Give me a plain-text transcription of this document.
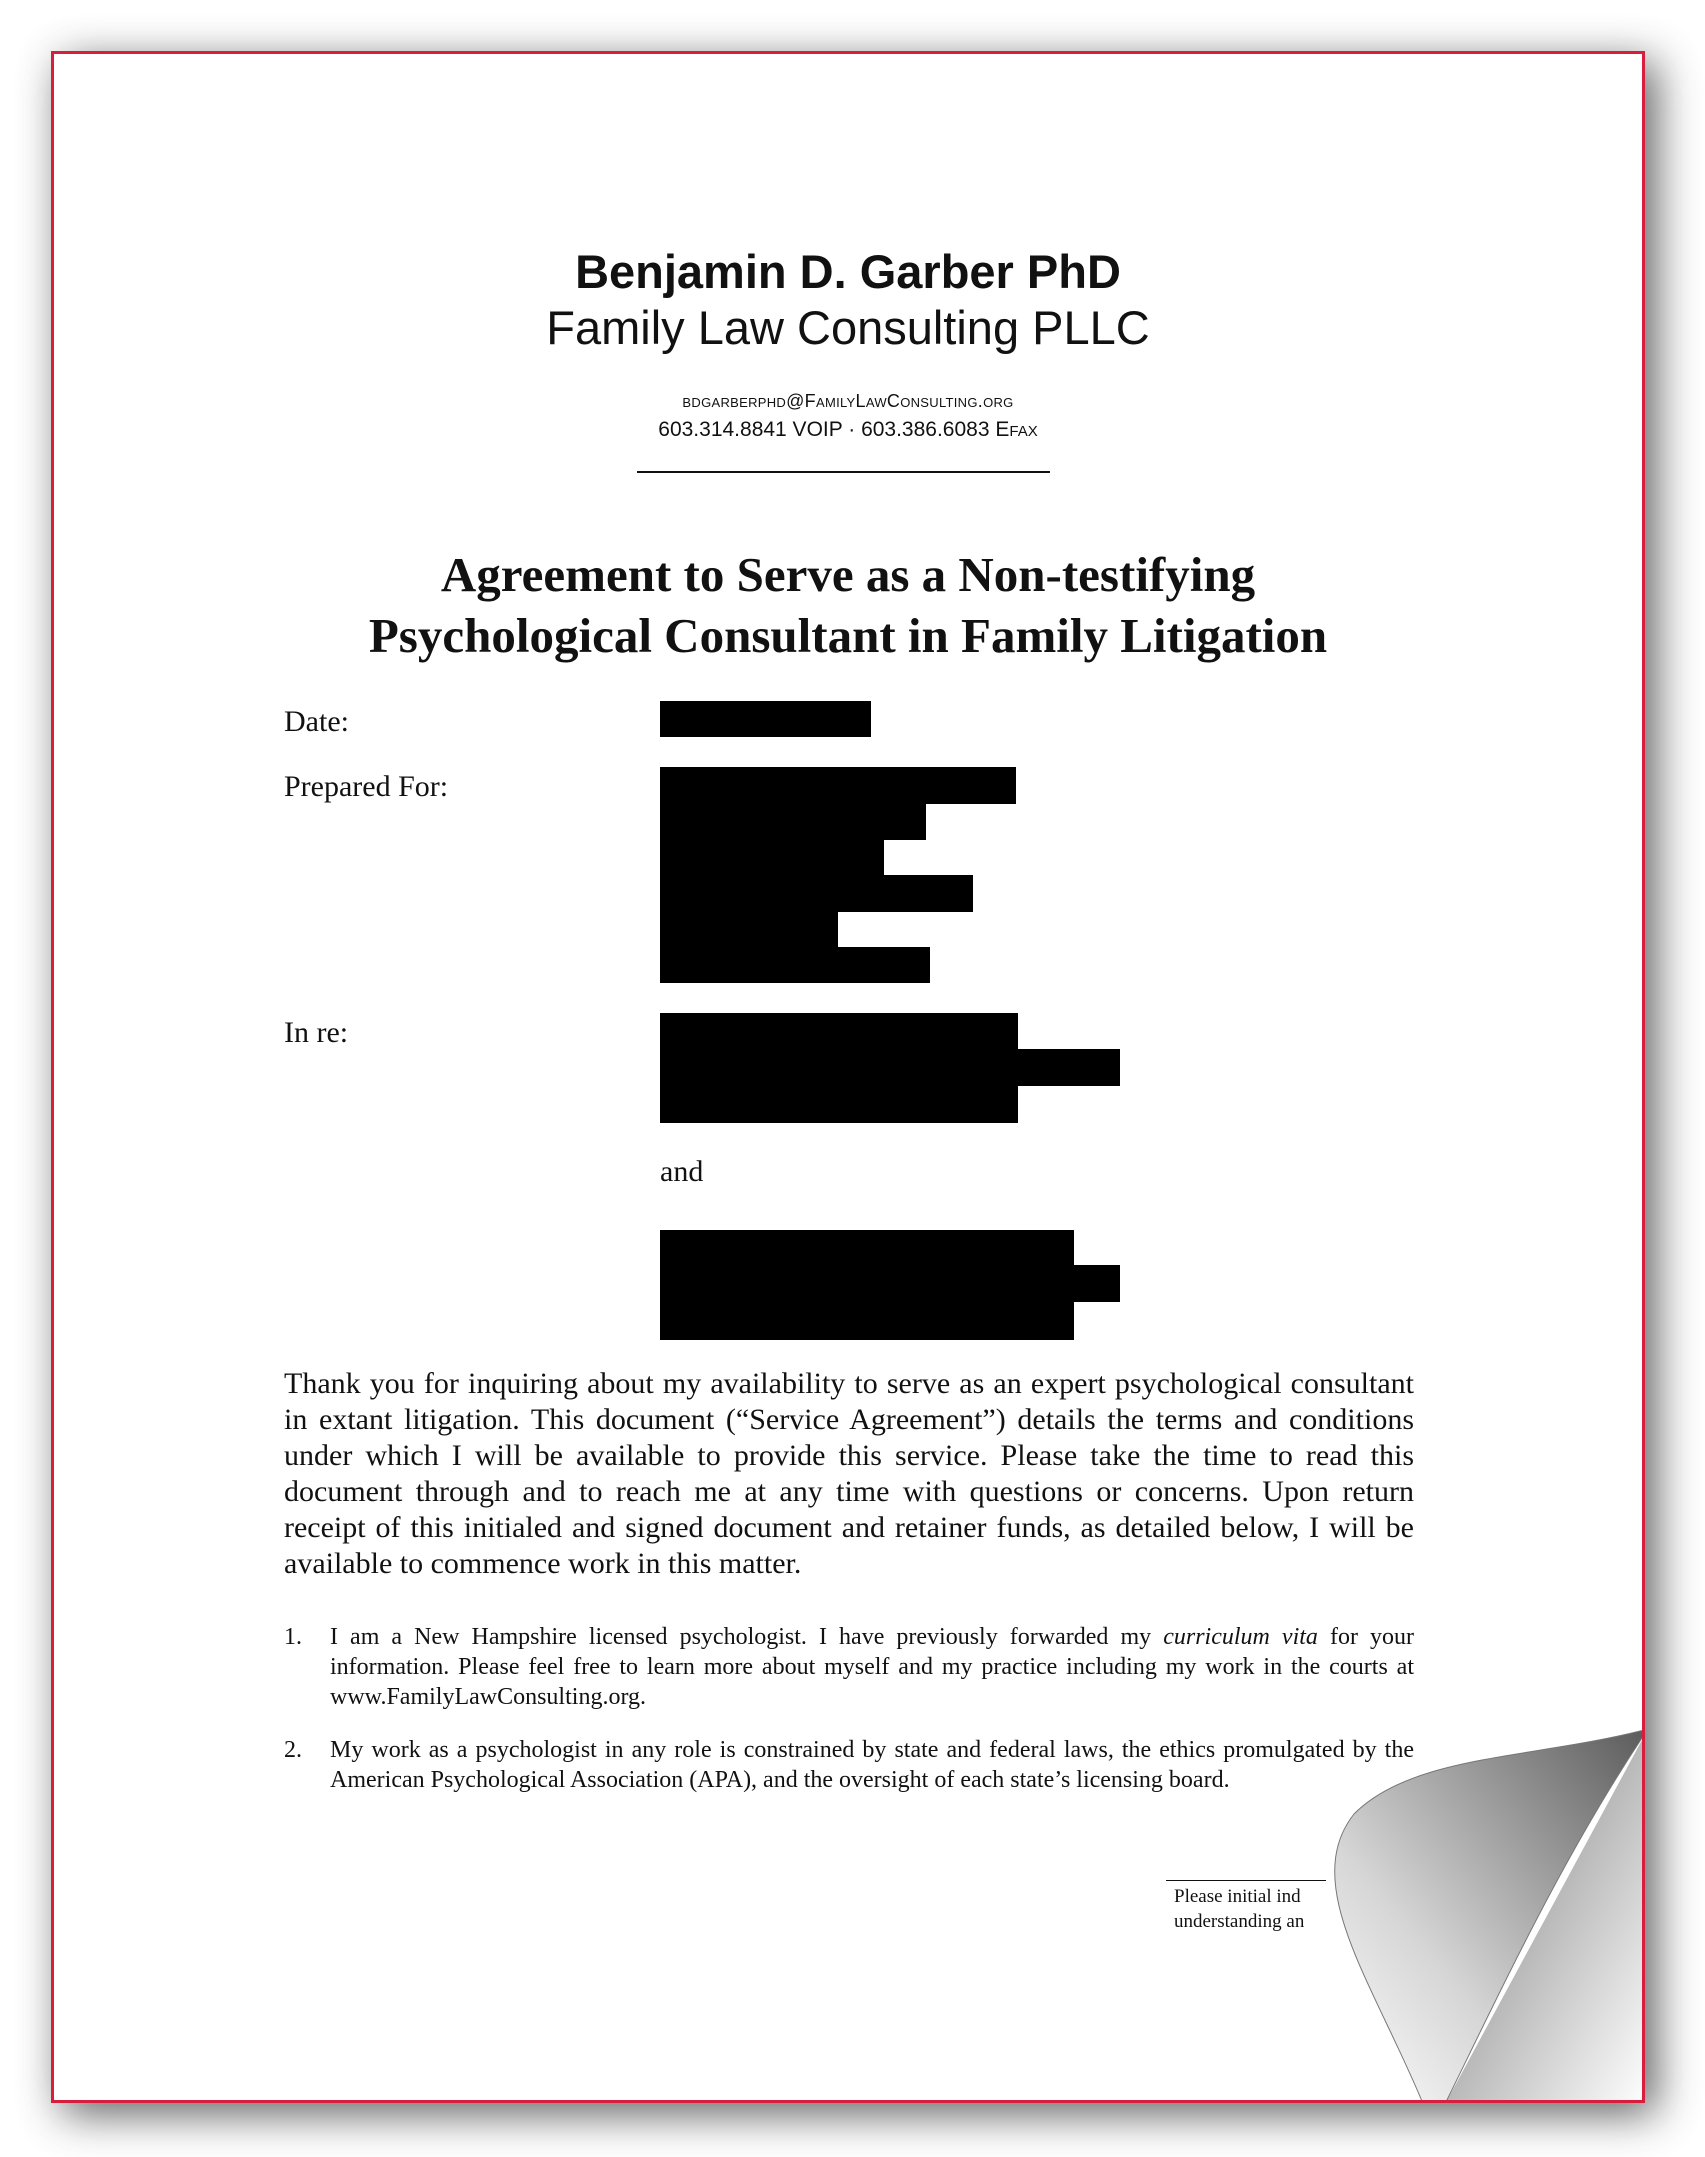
Benjamin D. Garber PhD
Family Law Consulting PLLC
bdgarberphd@FamilyLawConsulting.org
603.314.8841 VOIP · 603.386.6083 Efax
Agreement to Serve as a Non-testifying
Psychological Consultant in Family Litigation
Date:
Prepared For:
In re:
and
Thank you for inquiring about my availability to serve as an expert psychological consultant in extant litigation. This document (“Service Agreement”) details the terms and conditions under which I will be available to provide this service. Please take the time to read this document through and to reach me at any time with questions or concerns. Upon return receipt of this initialed and signed document and retainer funds, as detailed below, I will be available to commence work in this matter.
1.	I am a New Hampshire licensed psychologist. I have previously forwarded my curriculum vita for your information. Please feel free to learn more about myself and my practice including my work in the courts at www.FamilyLawConsulting.org.
2.	My work as a psychologist in any role is constrained by state and federal laws, the ethics promulgated by the American Psychological Association (APA), and the oversight of each state’s licensing board.
Please initial ind
understanding an
